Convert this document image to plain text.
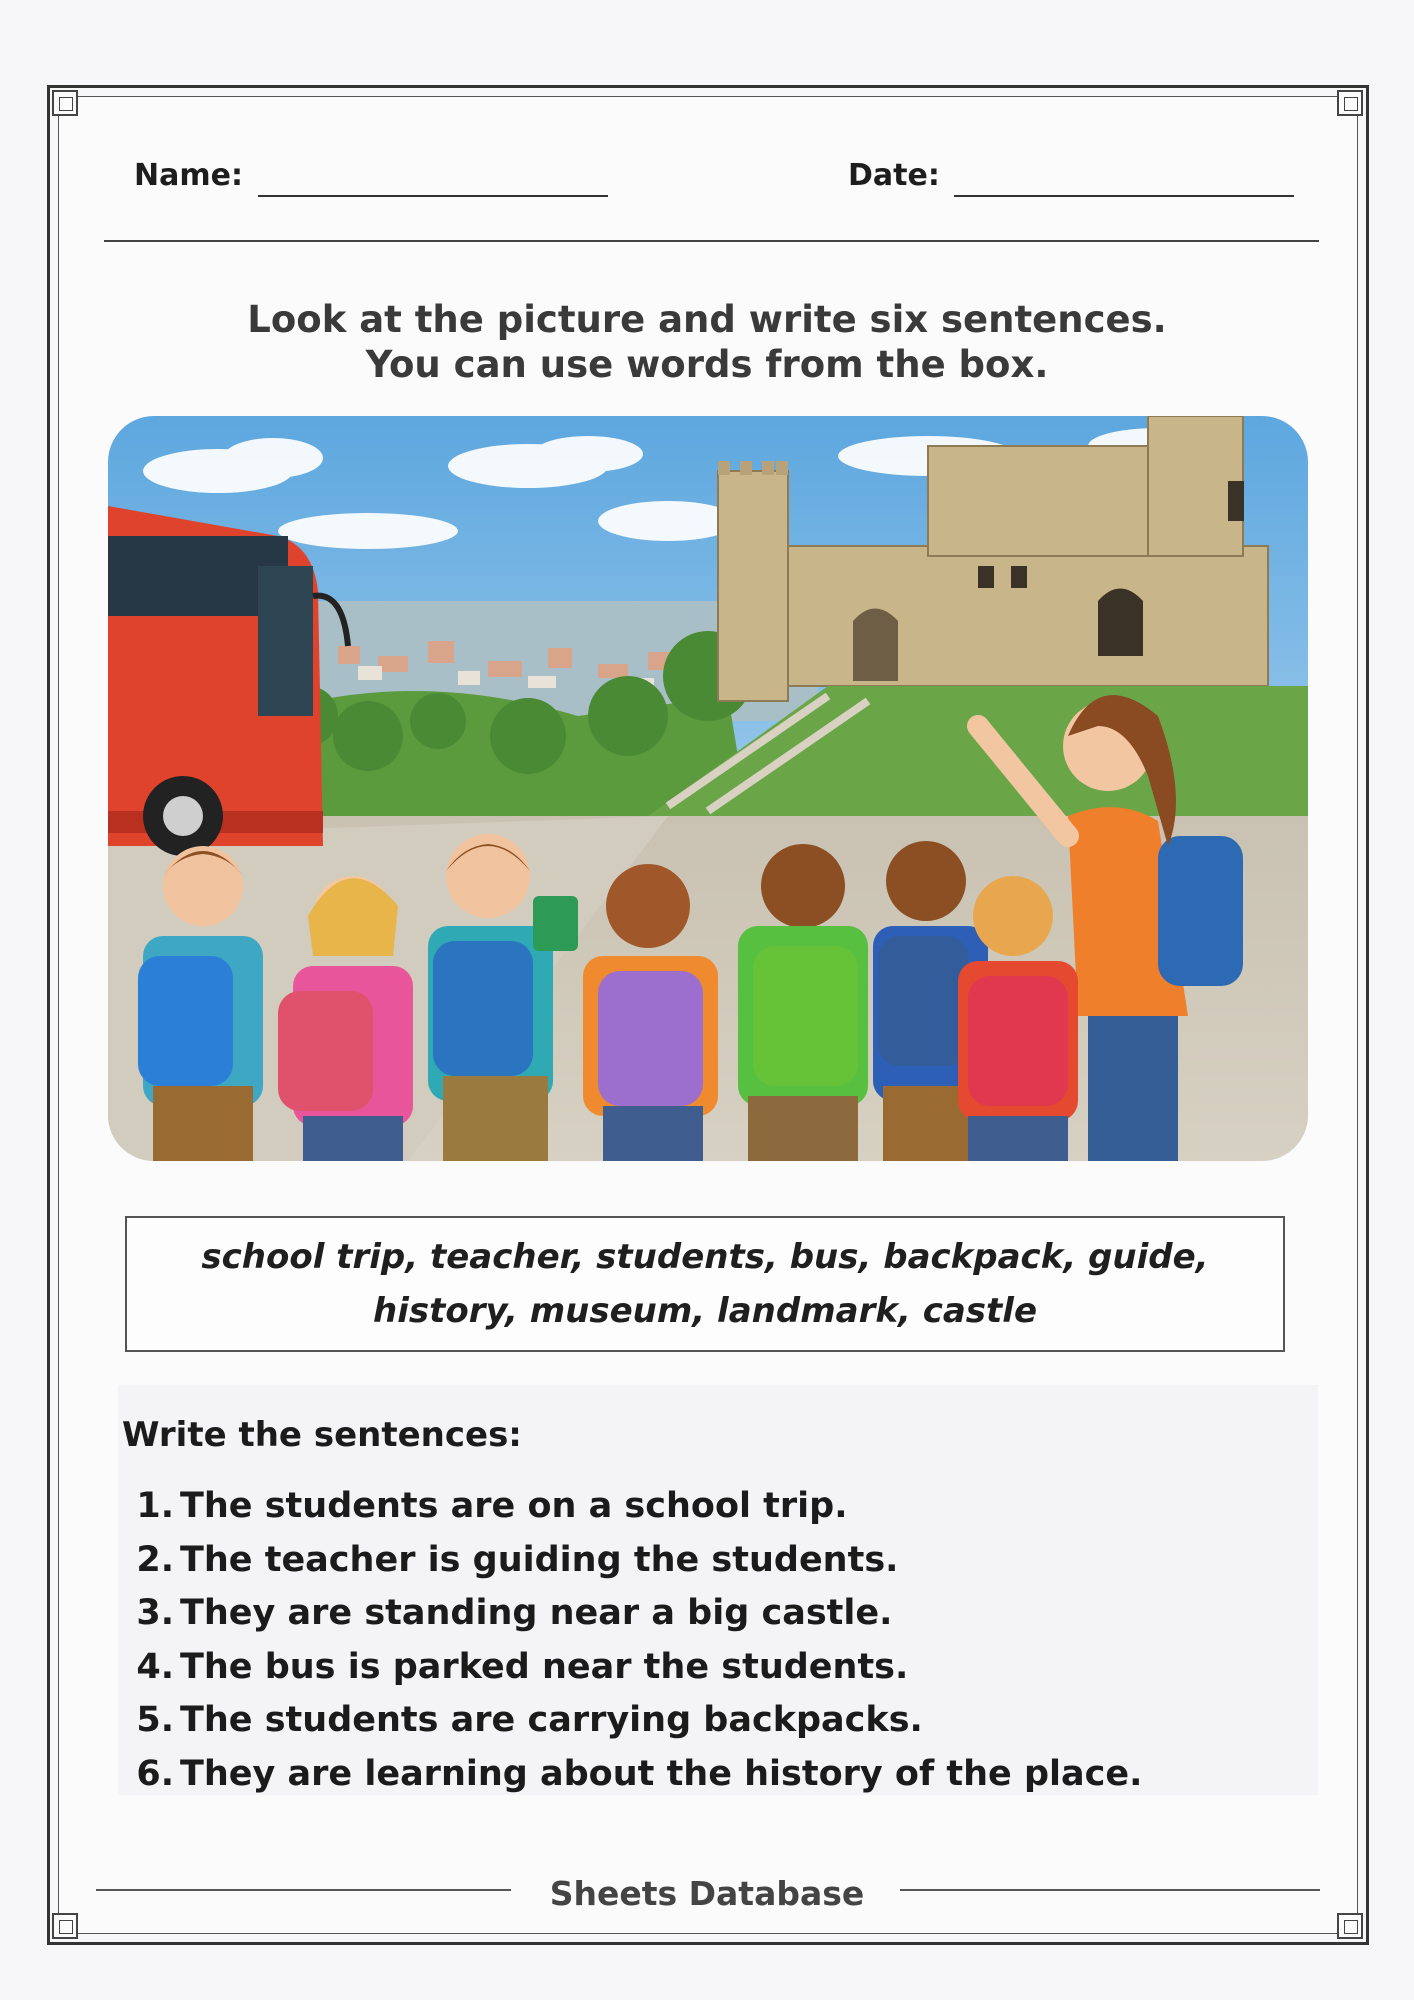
Name:	Date:
Look at the picture and write six sentences.
You can use words from the box.
school trip, teacher, students, bus, backpack, guide,
history, museum, landmark, castle
Write the sentences:
1. The students are on a school trip.
2. The teacher is guiding the students.
3. They are standing near a big castle.
4. The bus is parked near the students.
5. The students are carrying backpacks.
6. They are learning about the history of the place.
Sheets Database
